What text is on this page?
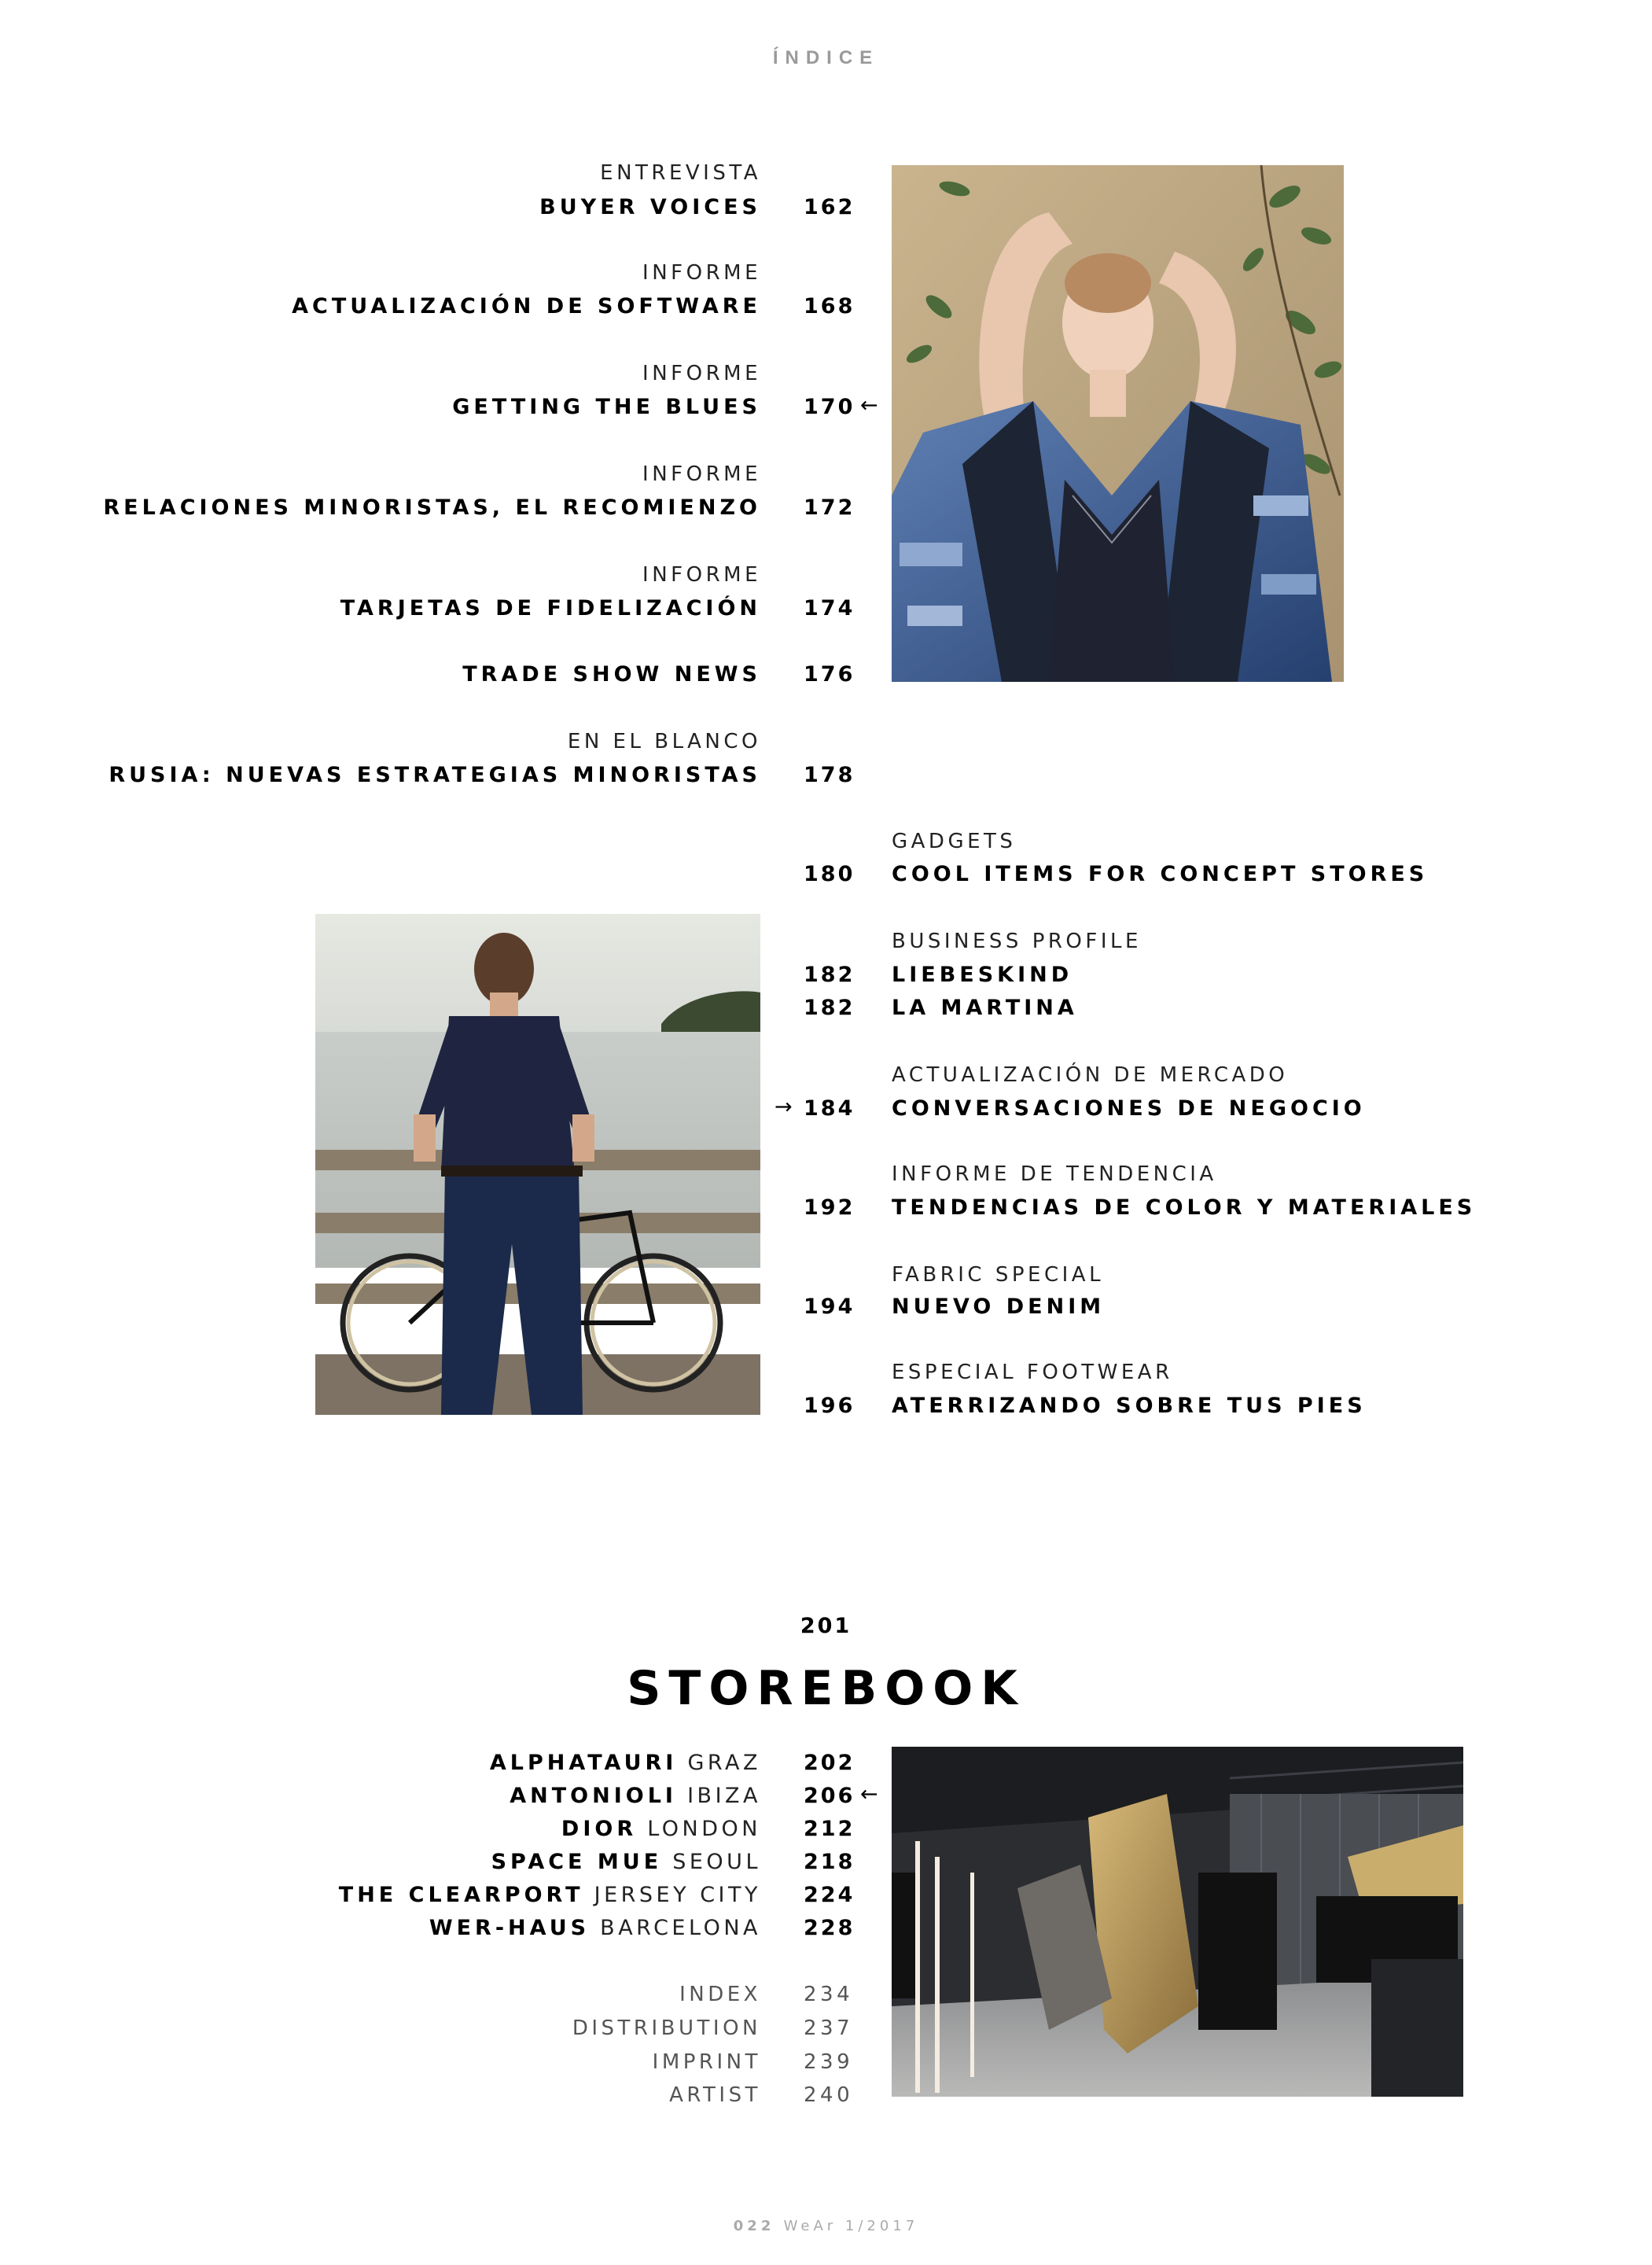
ÍNDICE
ENTREVISTA
BUYER VOICES 162
INFORME
ACTUALIZACIÓN DE SOFTWARE 168
INFORME
GETTING THE BLUES 170 ←
INFORME
RELACIONES MINORISTAS, EL RECOMIENZO 172
INFORME
TARJETAS DE FIDELIZACIÓN 174
TRADE SHOW NEWS 176
EN EL BLANCO
RUSIA: NUEVAS ESTRATEGIAS MINORISTAS 178
GADGETS
180 COOL ITEMS FOR CONCEPT STORES
BUSINESS PROFILE
182 LIEBESKIND
182 LA MARTINA
ACTUALIZACIÓN DE MERCADO
→ 184 CONVERSACIONES DE NEGOCIO
INFORME DE TENDENCIA
192 TENDENCIAS DE COLOR Y MATERIALES
FABRIC SPECIAL
194 NUEVO DENIM
ESPECIAL FOOTWEAR
196 ATERRIZANDO SOBRE TUS PIES
201
STOREBOOK
ALPHATAURI GRAZ 202
ANTONIOLI IBIZA 206 ←
DIOR LONDON 212
SPACE MUE SEOUL 218
THE CLEARPORT JERSEY CITY 224
WER-HAUS BARCELONA 228
INDEX 234
DISTRIBUTION 237
IMPRINT 239
ARTIST 240
022 WeAr 1/2017
